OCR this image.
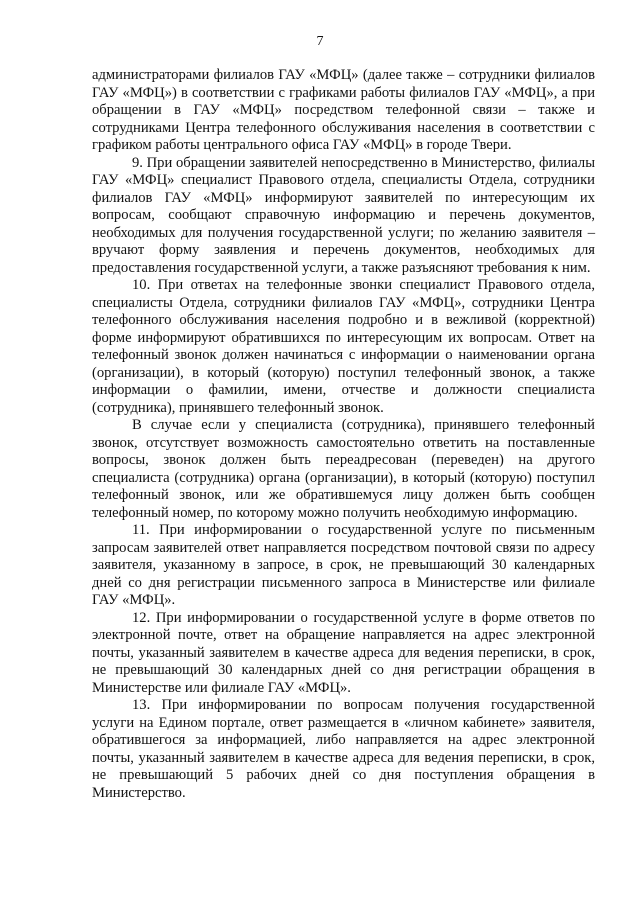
7

администраторами филиалов ГАУ «МФЦ» (далее также – сотрудники филиалов ГАУ «МФЦ») в соответствии с графиками работы филиалов ГАУ «МФЦ», а при обращении в ГАУ «МФЦ» посредством телефонной связи – также и сотрудниками Центра телефонного обслуживания населения в соответствии с графиком работы центрального офиса ГАУ «МФЦ» в городе Твери.

9. При обращении заявителей непосредственно в Министерство, филиалы ГАУ «МФЦ» специалист Правового отдела, специалисты Отдела, сотрудники филиалов ГАУ «МФЦ» информируют заявителей по интересующим их вопросам, сообщают справочную информацию и перечень документов, необходимых для получения государственной услуги; по желанию заявителя – вручают форму заявления и перечень документов, необходимых для предоставления государственной услуги, а также разъясняют требования к ним.

10. При ответах на телефонные звонки специалист Правового отдела, специалисты Отдела, сотрудники филиалов ГАУ «МФЦ», сотрудники Центра телефонного обслуживания населения подробно и в вежливой (корректной) форме информируют обратившихся по интересующим их вопросам. Ответ на телефонный звонок должен начинаться с информации о наименовании органа (организации), в который (которую) поступил телефонный звонок, а также информации о фамилии, имени, отчестве и должности специалиста (сотрудника), принявшего телефонный звонок.

В случае если у специалиста (сотрудника), принявшего телефонный звонок, отсутствует возможность самостоятельно ответить на поставленные вопросы, звонок должен быть переадресован (переведен) на другого специалиста (сотрудника) органа (организации), в который (которую) поступил телефонный звонок, или же обратившемуся лицу должен быть сообщен телефонный номер, по которому можно получить необходимую информацию.

11. При информировании о государственной услуге по письменным запросам заявителей ответ направляется посредством почтовой связи по адресу заявителя, указанному в запросе, в срок, не превышающий 30 календарных дней со дня регистрации письменного запроса в Министерстве или филиале ГАУ «МФЦ».

12. При информировании о государственной услуге в форме ответов по электронной почте, ответ на обращение направляется на адрес электронной почты, указанный заявителем в качестве адреса для ведения переписки, в срок, не превышающий 30 календарных дней со дня регистрации обращения в Министерстве или филиале ГАУ «МФЦ».

13. При информировании по вопросам получения государственной услуги на Едином портале, ответ размещается в «личном кабинете» заявителя, обратившегося за информацией, либо направляется на адрес электронной почты, указанный заявителем в качестве адреса для ведения переписки, в срок, не превышающий 5 рабочих дней со дня поступления обращения в Министерство.
